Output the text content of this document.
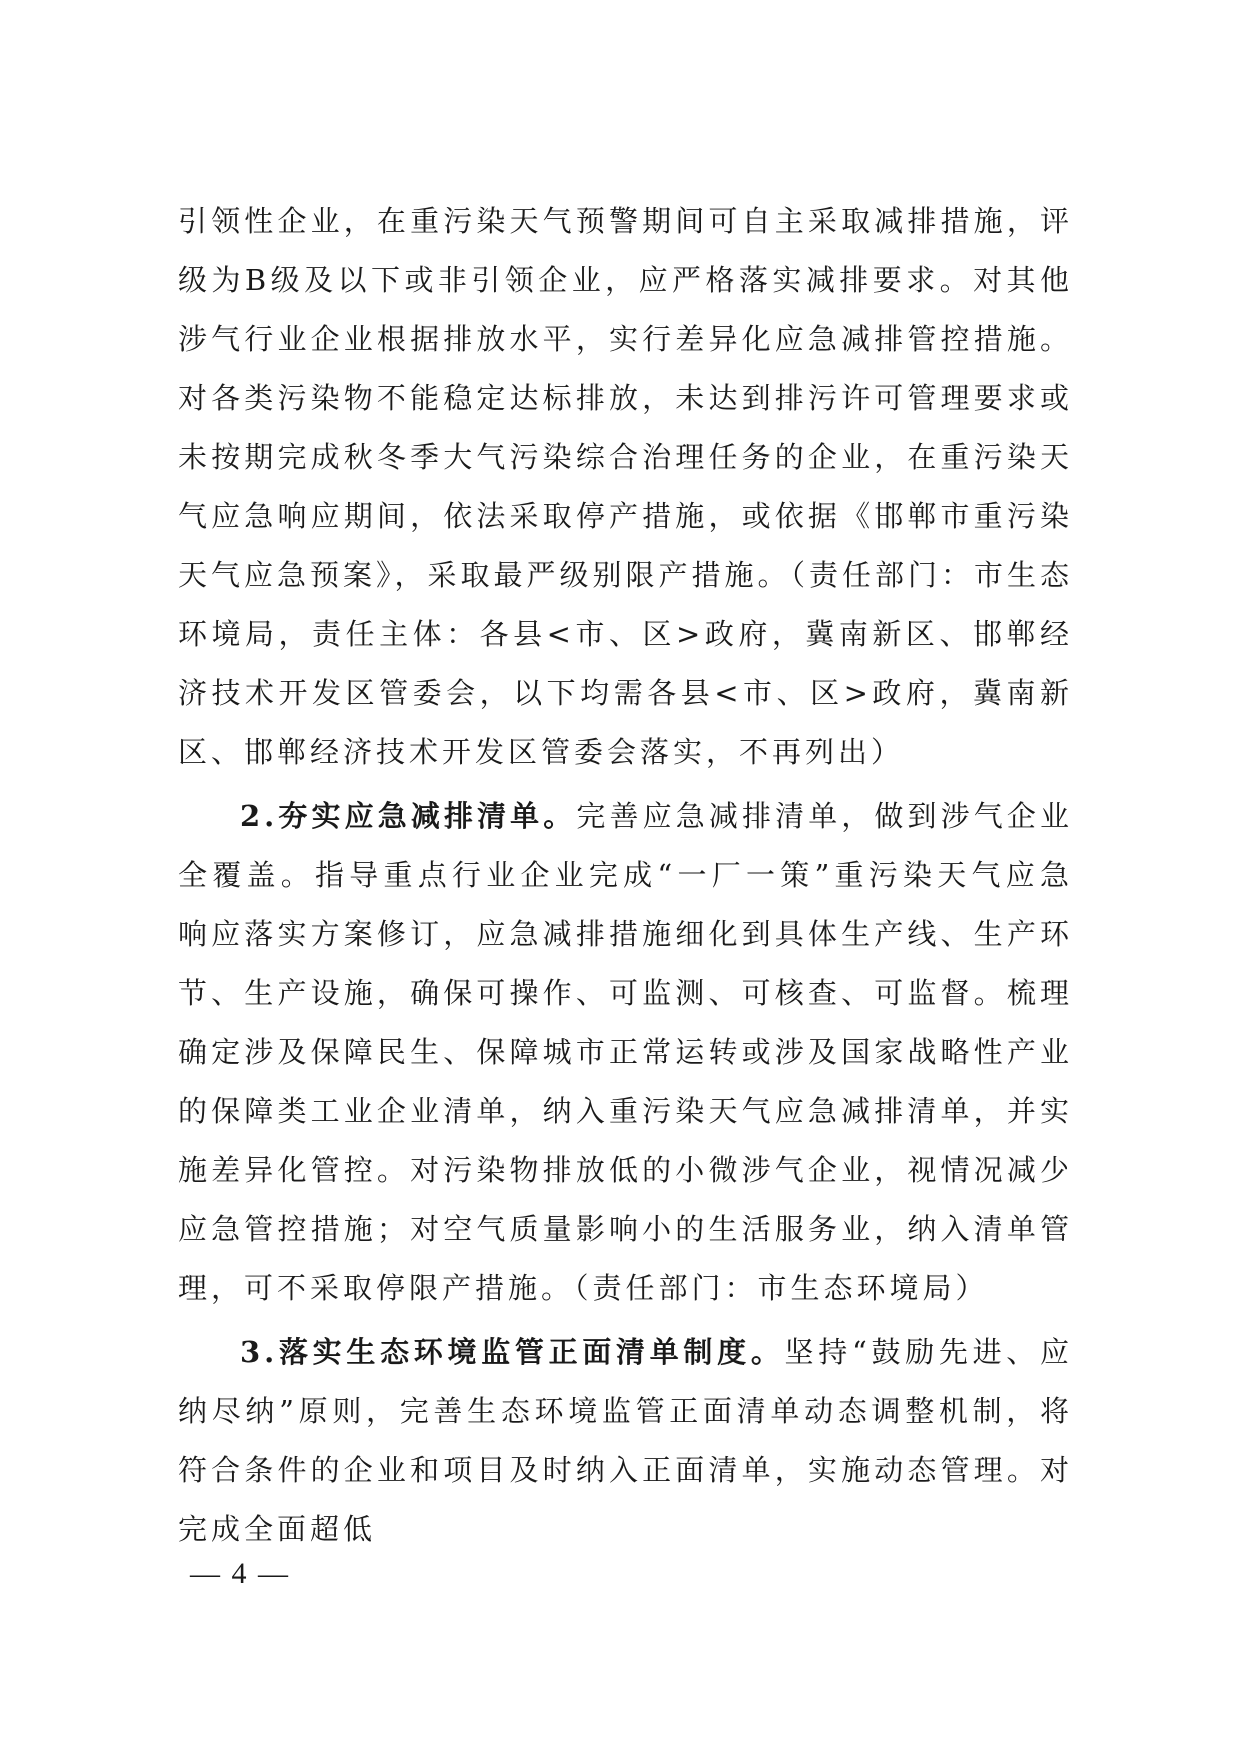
引领性企业，在重污染天气预警期间可自主采取减排措施，评级为B级及以下或非引领企业，应严格落实减排要求。对其他涉气行业企业根据排放水平，实行差异化应急减排管控措施。对各类污染物不能稳定达标排放，未达到排污许可管理要求或未按期完成秋冬季大气污染综合治理任务的企业，在重污染天气应急响应期间，依法采取停产措施，或依据《邯郸市重污染天气应急预案》，采取最严级别限产措施。（责任部门：市生态环境局，责任主体：各县<市、区>政府，冀南新区、邯郸经济技术开发区管委会，以下均需各县<市、区>政府，冀南新区、邯郸经济技术开发区管委会落实，不再列出）

2.夯实应急减排清单。完善应急减排清单，做到涉气企业全覆盖。指导重点行业企业完成“一厂一策”重污染天气应急响应落实方案修订，应急减排措施细化到具体生产线、生产环节、生产设施，确保可操作、可监测、可核查、可监督。梳理确定涉及保障民生、保障城市正常运转或涉及国家战略性产业的保障类工业企业清单，纳入重污染天气应急减排清单，并实施差异化管控。对污染物排放低的小微涉气企业，视情况减少应急管控措施；对空气质量影响小的生活服务业，纳入清单管理，可不采取停限产措施。（责任部门：市生态环境局）

3.落实生态环境监管正面清单制度。坚持“鼓励先进、应纳尽纳”原则，完善生态环境监管正面清单动态调整机制，将符合条件的企业和项目及时纳入正面清单，实施动态管理。对完成全面超低

— 4 —
